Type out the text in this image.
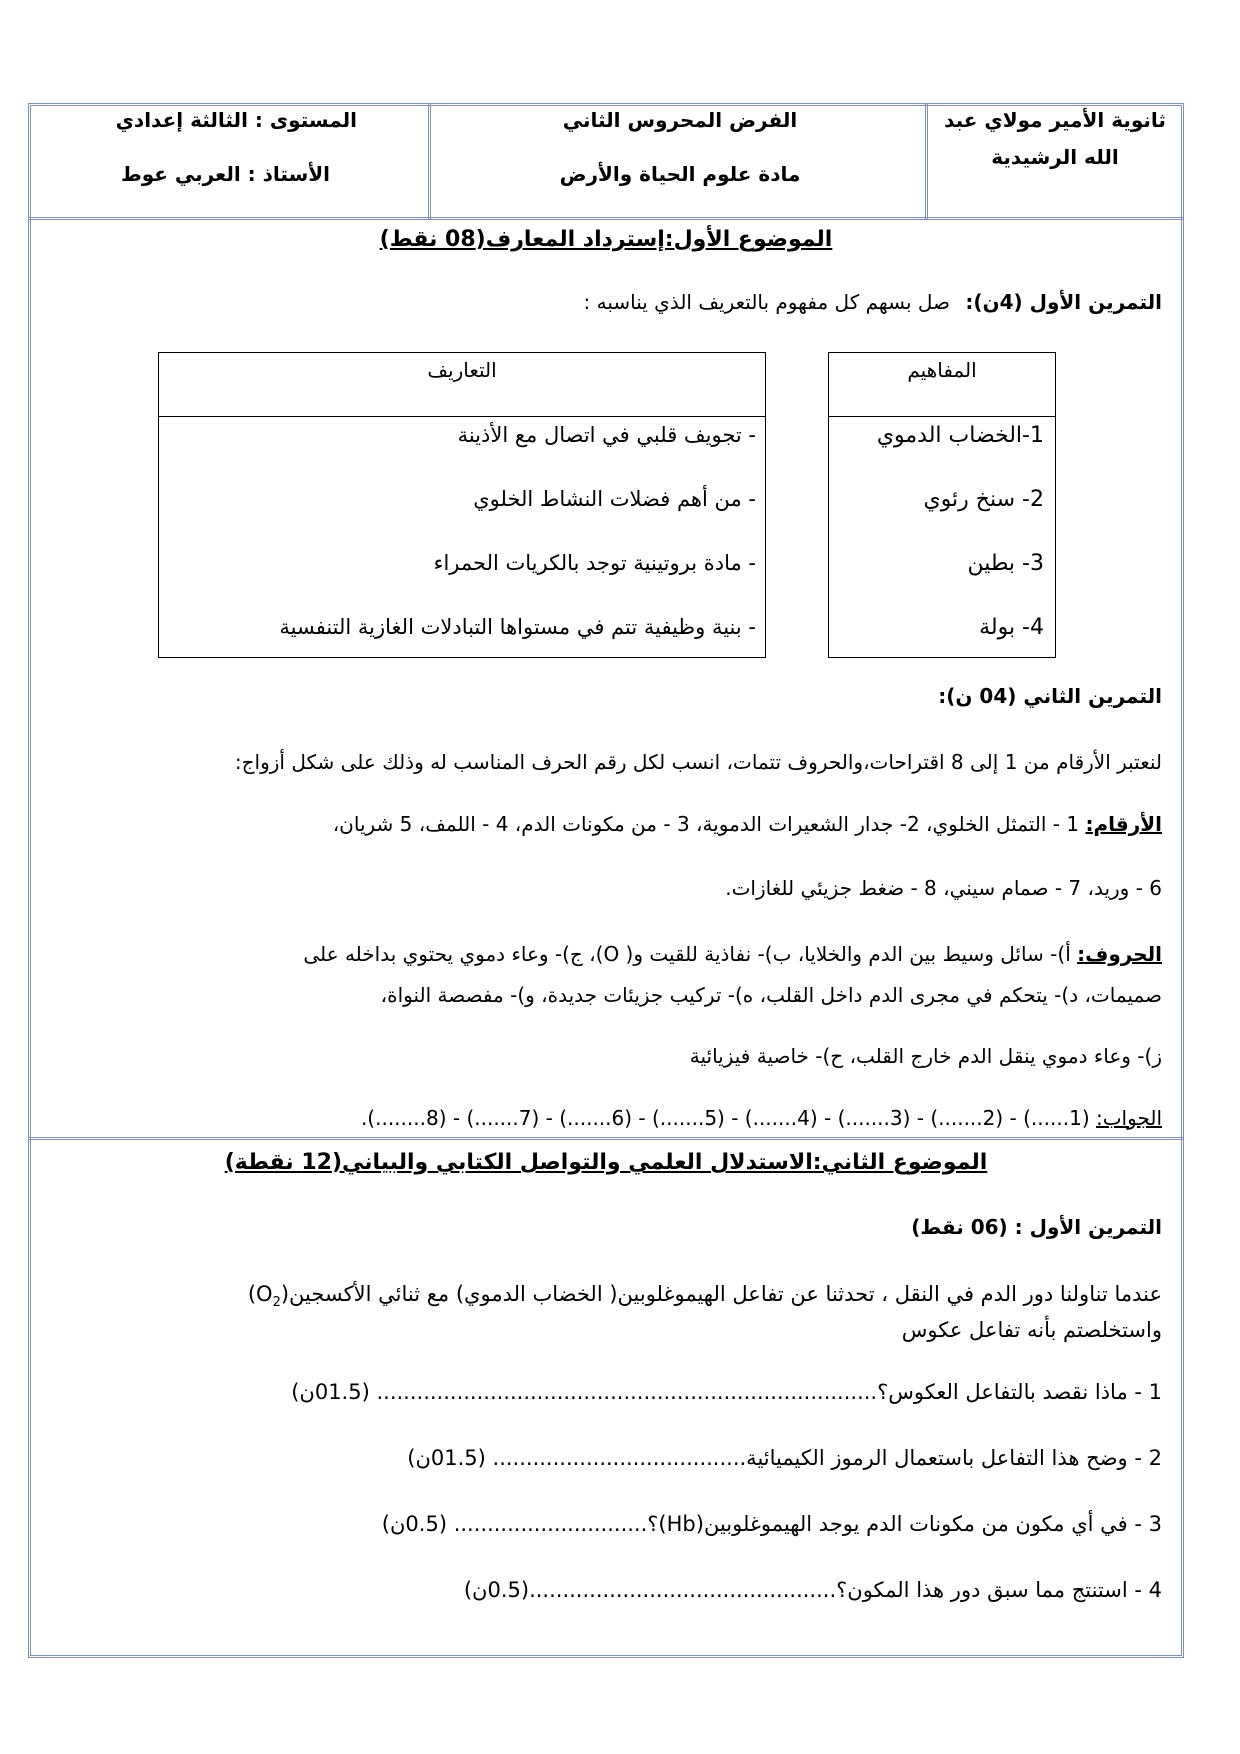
ثانوية الأمير مولاي عبد
الله الرشيدية
الفرض المحروس الثاني
مادة علوم الحياة والأرض
المستوى : الثالثة إعدادي
الأستاذ : العربي عوط
الموضوع الأول:إسترداد المعارف(08 نقط)
التمرين الأول (4ن):
صل بسهم كل مفهوم بالتعريف الذي يناسبه :
المفاهيم
1-الخضاب الدموي
2- سنخ رئوي
3- بطين
4- بولة
التعاريف
- تجويف قلبي في اتصال مع الأذينة
- من أهم فضلات النشاط الخلوي
- مادة بروتينية توجد بالكريات الحمراء
- بنية وظيفية تتم في مستواها التبادلات الغازية التنفسية
التمرين الثاني (04 ن):
لنعتبر الأرقام من 1 إلى 8 اقتراحات،والحروف تتمات، انسب لكل رقم الحرف المناسب له وذلك على شكل أزواج:
الأرقام: 1 - التمثل الخلوي، 2- جدار الشعيرات الدموية، 3 - من مكونات الدم، 4 - اللمف، 5 شريان،
6 - وريد، 7 - صمام سيني، 8 - ضغط جزيئي للغازات.
الحروف: أ)- سائل وسيط بين الدم والخلايا، ب)- نفاذية للقيت و( O)، ج)- وعاء دموي يحتوي بداخله على
صميمات، د)- يتحكم في مجرى الدم داخل القلب، ه)- تركيب جزيئات جديدة، و)- مفصصة النواة،
ز)- وعاء دموي ينقل الدم خارج القلب، ح)- خاصية فيزيائية
الجواب: (1......) - (2.......) - (3.......) - (4.......) - (5.......) - (6.......) - (7.......) - (8........).
الموضوع الثاني:الاستدلال العلمي والتواصل الكتابي والبياني(12 نقطة)
التمرين الأول : (06 نقط)
عندما تناولنا دور الدم في النقل ، تحدثنا عن تفاعل الهيموغلوبين( الخضاب الدموي) مع ثنائي $الأكسجين(O_2)$
واستخلصتم بأنه تفاعل عكوس
1 - ماذا نقصد بالتفاعل العكوس؟........................................................................... (01.5ن)
2 - وضح هذا التفاعل باستعمال الرموز الكيميائية...................................... (01.5ن)
3 - في أي مكون من مكونات الدم يوجد الهيموغلوبين(Hb)؟............................. (0.5ن)
4 - استنتج مما سبق دور هذا المكون؟..............................................(0.5ن)
